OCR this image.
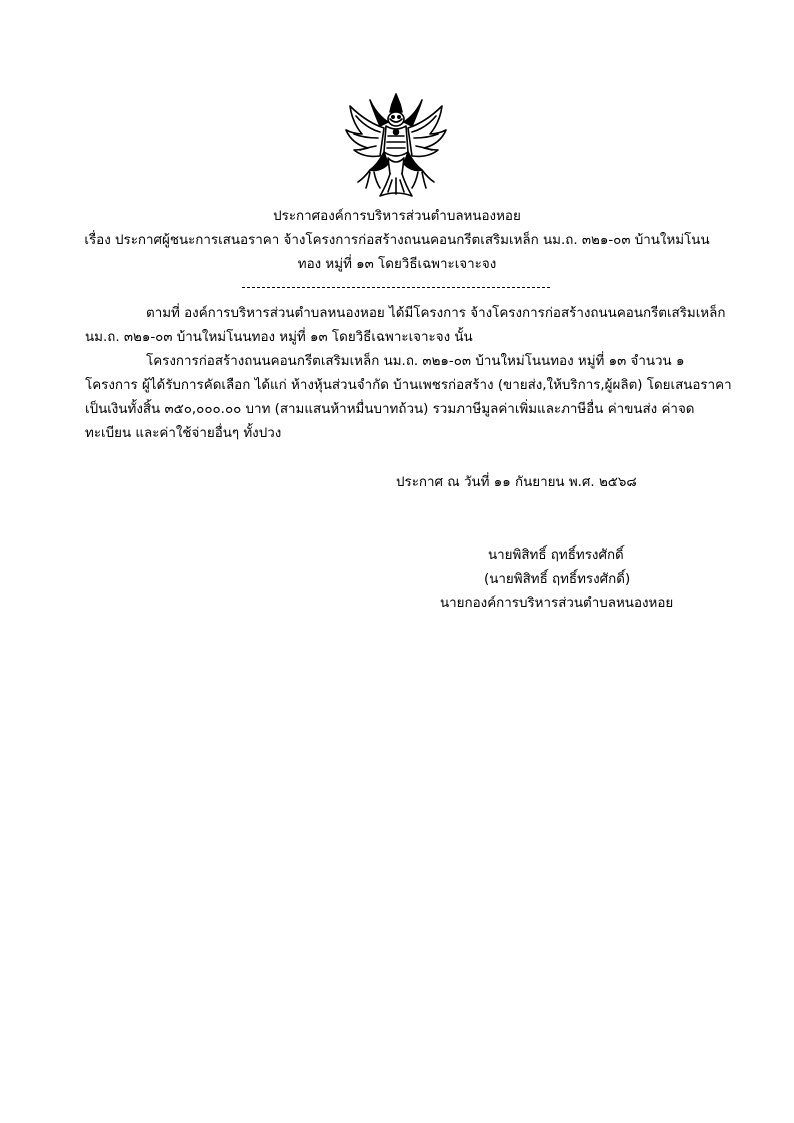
ประกาศองค์การบริหารส่วนตำบลหนองหอย
เรื่อง ประกาศผู้ชนะการเสนอราคา จ้างโครงการก่อสร้างถนนคอนกรีตเสริมเหล็ก นม.ถ. ๓๒๑-๐๓ บ้านใหม่โนน
ทอง หมู่ที่ ๑๓ โดยวิธีเฉพาะเจาะจง
ตามที่ องค์การบริหารส่วนตำบลหนองหอย ได้มีโครงการ จ้างโครงการก่อสร้างถนนคอนกรีตเสริมเหล็ก
นม.ถ. ๓๒๑-๐๓ บ้านใหม่โนนทอง หมู่ที่ ๑๓ โดยวิธีเฉพาะเจาะจง นั้น
โครงการก่อสร้างถนนคอนกรีตเสริมเหล็ก นม.ถ. ๓๒๑-๐๓ บ้านใหม่โนนทอง หมู่ที่ ๑๓ จำนวน ๑
โครงการ ผู้ได้รับการคัดเลือก ได้แก่ ห้างหุ้นส่วนจำกัด บ้านเพชรก่อสร้าง (ขายส่ง,ให้บริการ,ผู้ผลิต) โดยเสนอราคา
เป็นเงินทั้งสิ้น ๓๕๐,๐๐๐.๐๐ บาท (สามแสนห้าหมื่นบาทถ้วน) รวมภาษีมูลค่าเพิ่มและภาษีอื่น ค่าขนส่ง ค่าจด
ทะเบียน และค่าใช้จ่ายอื่นๆ ทั้งปวง
ประกาศ ณ วันที่ ๑๑ กันยายน พ.ศ. ๒๕๖๘
นายพิสิทธิ์ ฤทธิ์ทรงศักดิ์
(นายพิสิทธิ์ ฤทธิ์ทรงศักดิ์)
นายกองค์การบริหารส่วนตำบลหนองหอย
